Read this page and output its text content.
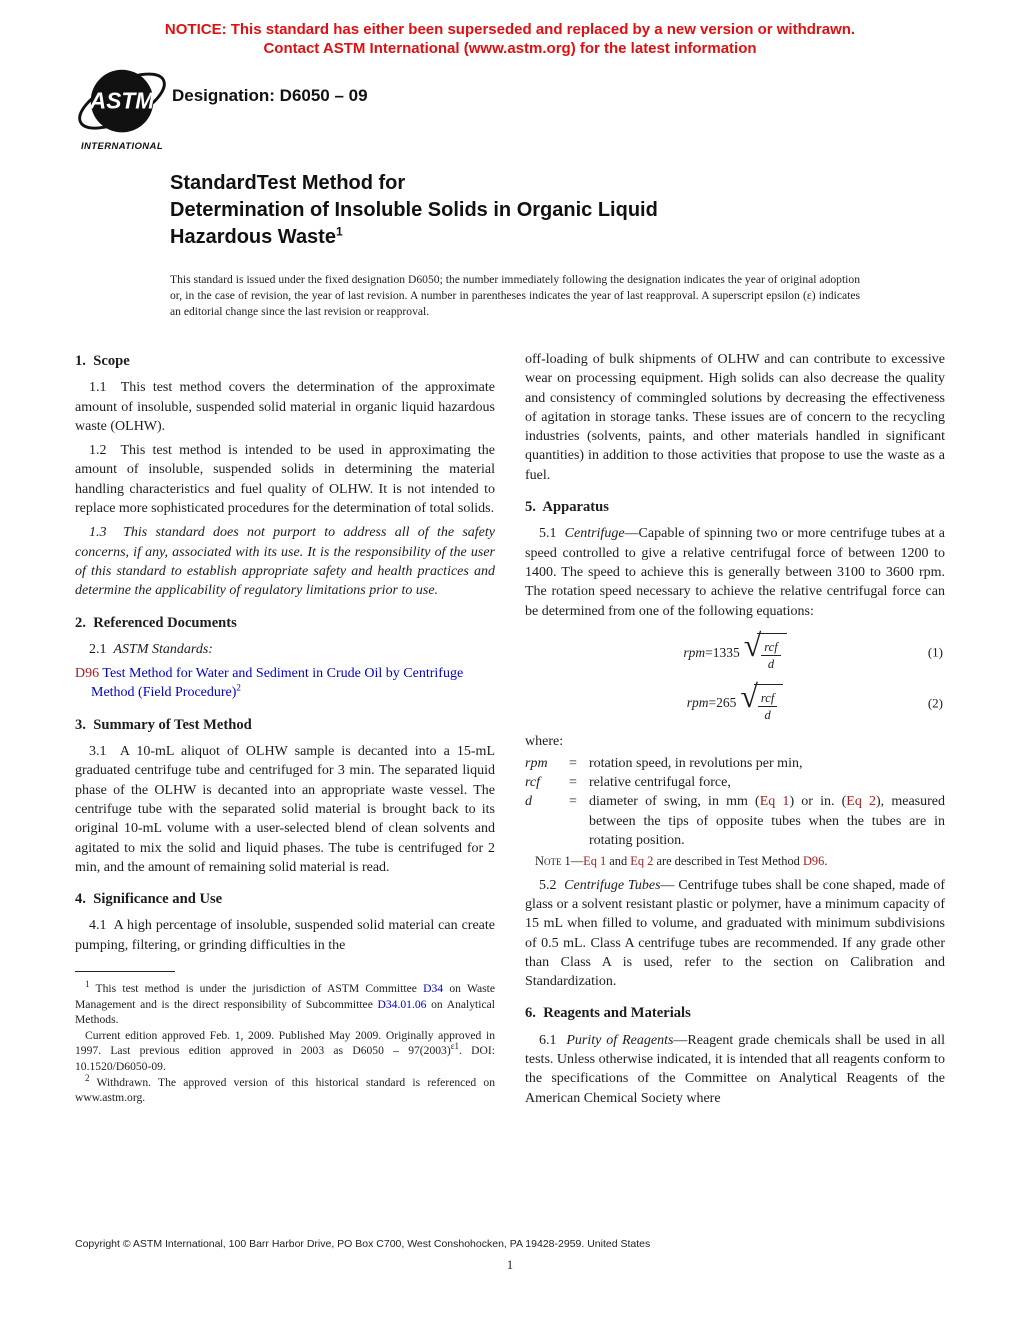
NOTICE: This standard has either been superseded and replaced by a new version or withdrawn.
Contact ASTM International (www.astm.org) for the latest information
ASTM
INTERNATIONAL
Designation: D6050 – 09
StandardTest Method for
Determination of Insoluble Solids in Organic Liquid
Hazardous Waste$^1$
This standard is issued under the fixed designation D6050; the number immediately following the designation indicates the year of original adoption or, in the case of revision, the year of last revision. A number in parentheses indicates the year of last reapproval. A superscript epsilon (ε) indicates an editorial change since the last revision or reapproval.
1.  Scope

1.1  This test method covers the determination of the approximate amount of insoluble, suspended solid material in organic liquid hazardous waste (OLHW).

1.2  This test method is intended to be used in approximating the amount of insoluble, suspended solids in determining the material handling characteristics and fuel quality of OLHW. It is not intended to replace more sophisticated procedures for the determination of total solids.

1.3  This standard does not purport to address all of the safety concerns, if any, associated with its use. It is the responsibility of the user of this standard to establish appropriate safety and health practices and determine the applicability of regulatory limitations prior to use.

2.  Referenced Documents

2.1  ASTM Standards:

D96 Test Method for Water and Sediment in Crude Oil by Centrifuge Method (Field Procedure)$^2$

3.  Summary of Test Method

3.1  A 10-mL aliquot of OLHW sample is decanted into a 15-mL graduated centrifuge tube and centrifuged for 3 min. The separated liquid phase of the OLHW is decanted into an appropriate waste vessel. The centrifuge tube with the separated solid material is brought back to its original 10-mL volume with a user-selected blend of clean solvents and agitated to mix the solid and liquid phases. The tube is centrifuged for 2 min, and the amount of remaining solid material is read.

4.  Significance and Use

4.1  A high percentage of insoluble, suspended solid material can create pumping, filtering, or grinding difficulties in the

$^1$ This test method is under the jurisdiction of ASTM Committee D34 on Waste Management and is the direct responsibility of Subcommittee D34.01.06 on Analytical Methods.

Current edition approved Feb. 1, 2009. Published May 2009. Originally approved in 1997. Last previous edition approved in 2003 as $D6050 - 97(2003)^{\varepsilon 1}$. DOI: 10.1520/D6050-09.

$^2$ Withdrawn. The approved version of this historical standard is referenced on www.astm.org.

off-loading of bulk shipments of OLHW and can contribute to excessive wear on processing equipment. High solids can also decrease the quality and consistency of commingled solutions by decreasing the effectiveness of agitation in storage tanks. These issues are of concern to the recycling industries (solvents, paints, and other materials handled in significant quantities) in addition to those activities that propose to use the waste as a fuel.

5.  Apparatus

5.1  Centrifuge—Capable of spinning two or more centrifuge tubes at a speed controlled to give a relative centrifugal force of between 1200 to 1400. The speed to achieve this is generally between 3100 to 3600 rpm. The rotation speed necessary to achieve the relative centrifugal force can be determined from one of the following equations:

rpm = 1335 √ $\frac{\text{rcf}}{d}$	(1)
rpm = 265 √ $\frac{\text{rcf}}{d}$	(2)

where:

rpm	= rotation speed, in revolutions per min,
rcf	= relative centrifugal force,
d	= diameter of swing, in mm (Eq 1) or in. (Eq 2), measured between the tips of opposite tubes when the tubes are in rotating position.

Note 1—Eq 1 and Eq 2 are described in Test Method D96.

5.2  Centrifuge Tubes— Centrifuge tubes shall be cone shaped, made of glass or a solvent resistant plastic or polymer, have a minimum capacity of 15 mL when filled to volume, and graduated with minimum subdivisions of 0.5 mL. Class A centrifuge tubes are recommended. If any grade other than Class A is used, refer to the section on Calibration and Standardization.

6.  Reagents and Materials

6.1  Purity of Reagents—Reagent grade chemicals shall be used in all tests. Unless otherwise indicated, it is intended that all reagents conform to the specifications of the Committee on Analytical Reagents of the American Chemical Society where

Copyright © ASTM International, 100 Barr Harbor Drive, PO Box C700, West Conshohocken, PA 19428-2959. United States
1
